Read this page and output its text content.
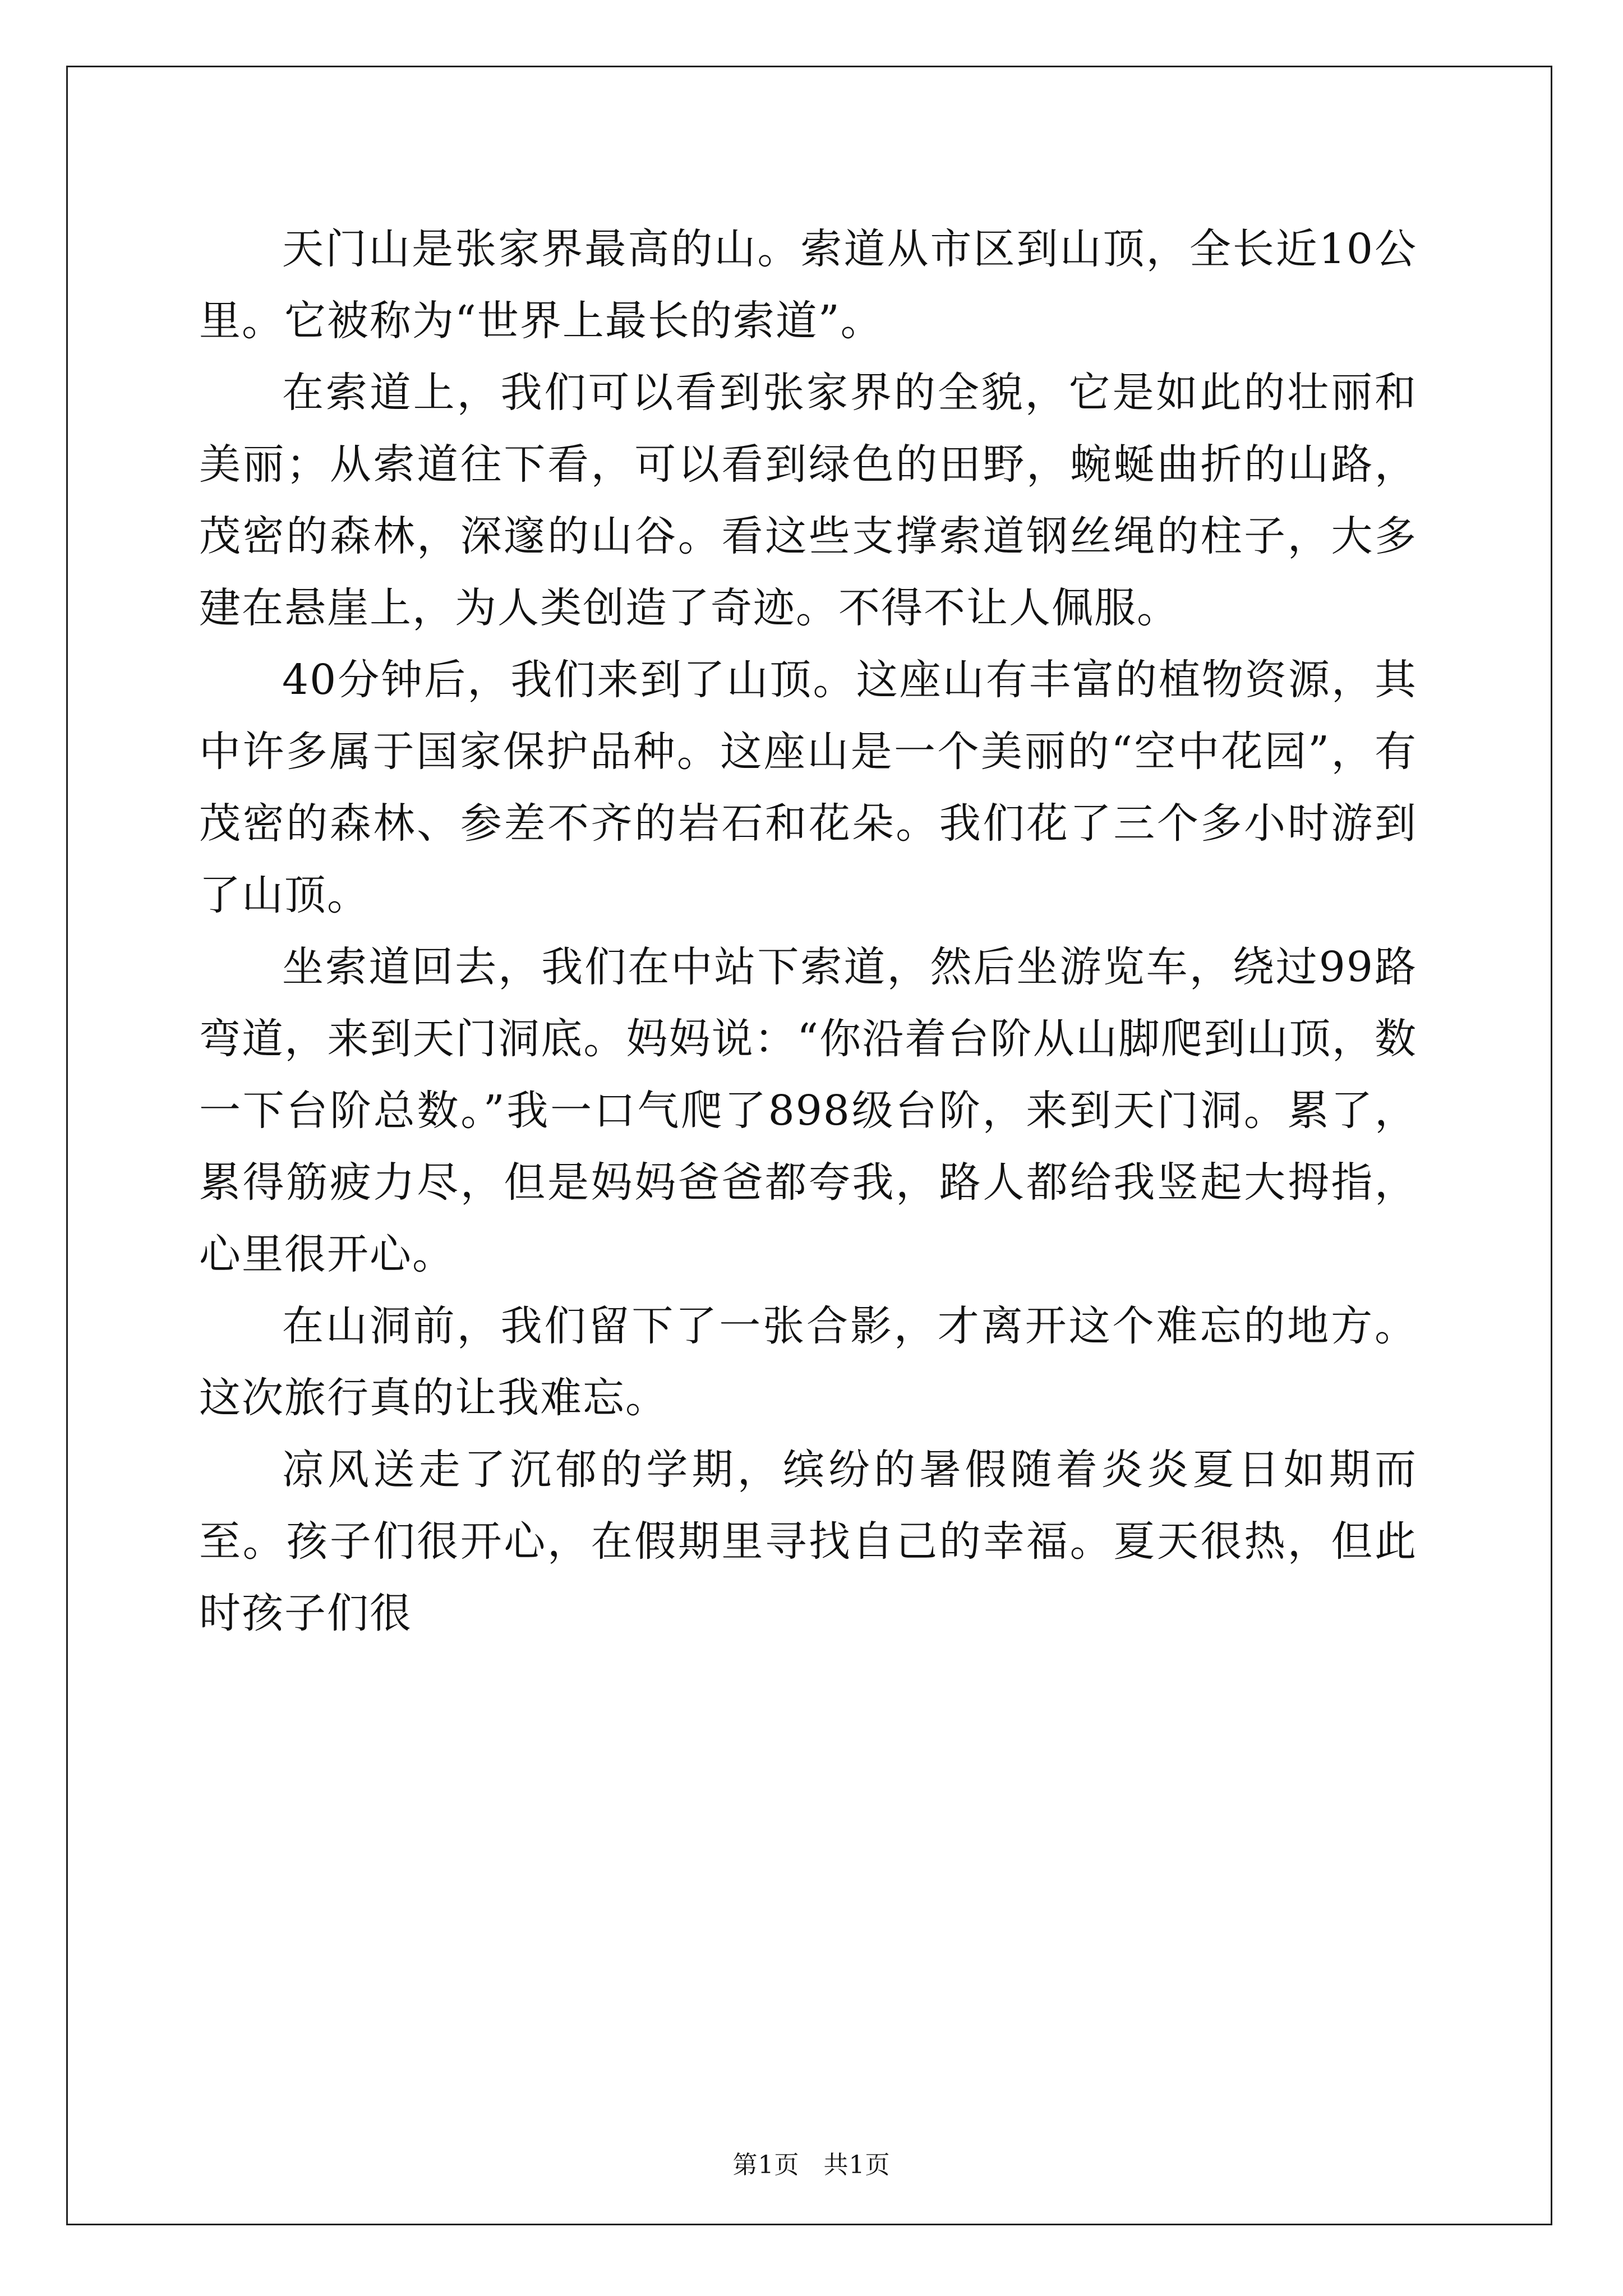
天门山是张家界最高的山。索道从市区到山顶，全长近10公里。它被称为“世界上最长的索道”。

在索道上，我们可以看到张家界的全貌，它是如此的壮丽和美丽；从索道往下看，可以看到绿色的田野，蜿蜒曲折的山路，茂密的森林，深邃的山谷。看这些支撑索道钢丝绳的柱子，大多建在悬崖上，为人类创造了奇迹。不得不让人佩服。

40分钟后，我们来到了山顶。这座山有丰富的植物资源，其中许多属于国家保护品种。这座山是一个美丽的“空中花园”，有茂密的森林、参差不齐的岩石和花朵。我们花了三个多小时游到了山顶。

坐索道回去，我们在中站下索道，然后坐游览车，绕过99路弯道，来到天门洞底。妈妈说：“你沿着台阶从山脚爬到山顶，数一下台阶总数。”我一口气爬了898级台阶，来到天门洞。累了，累得筋疲力尽，但是妈妈爸爸都夸我，路人都给我竖起大拇指，心里很开心。

在山洞前，我们留下了一张合影，才离开这个难忘的地方。这次旅行真的让我难忘。

凉风送走了沉郁的学期，缤纷的暑假随着炎炎夏日如期而至。孩子们很开心，在假期里寻找自己的幸福。夏天很热，但此时孩子们很

第1页 共1页
